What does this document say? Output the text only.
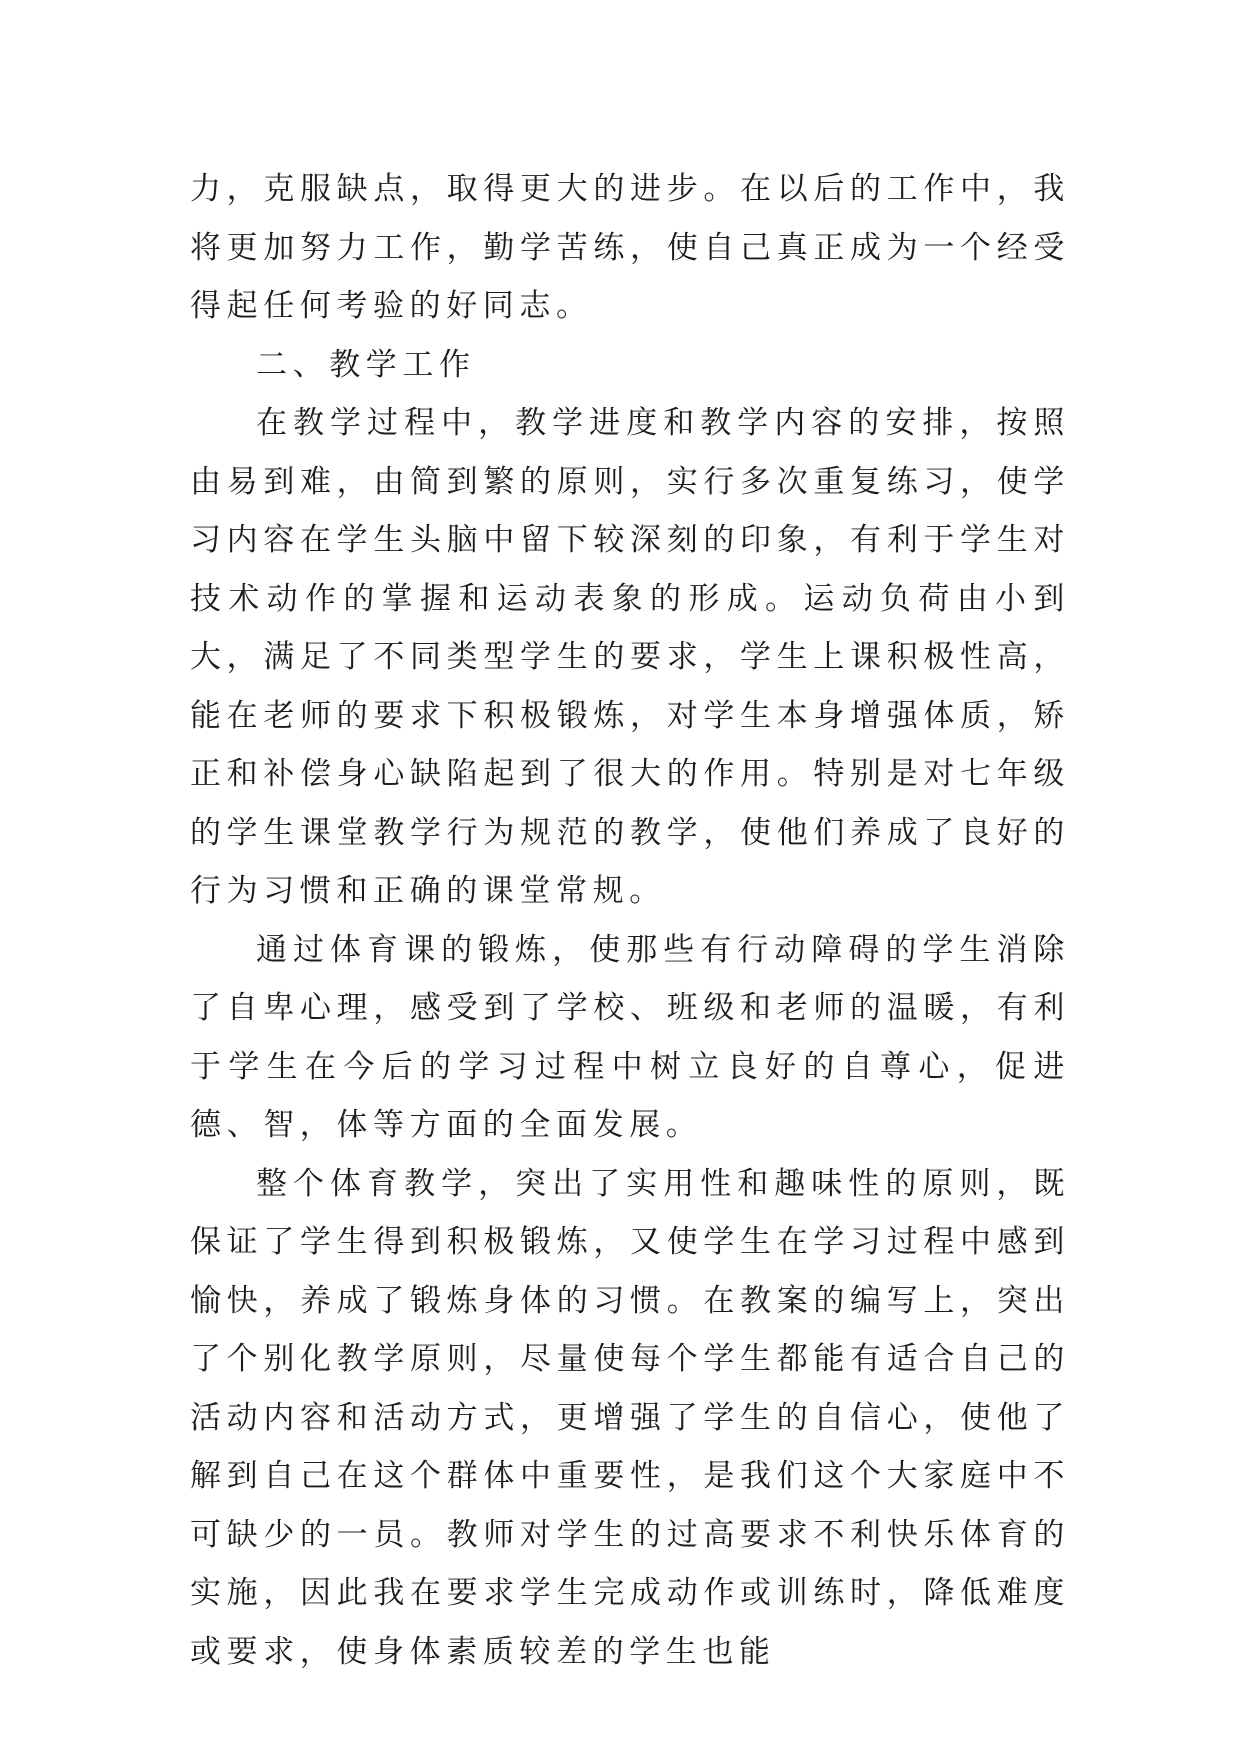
力，克服缺点，取得更大的进步。在以后的工作中，我将更加努力工作，勤学苦练，使自己真正成为一个经受得起任何考验的好同志。

二、教学工作

在教学过程中，教学进度和教学内容的安排，按照由易到难，由简到繁的原则，实行多次重复练习，使学习内容在学生头脑中留下较深刻的印象，有利于学生对技术动作的掌握和运动表象的形成。运动负荷由小到大，满足了不同类型学生的要求，学生上课积极性高，能在老师的要求下积极锻炼，对学生本身增强体质，矫正和补偿身心缺陷起到了很大的作用。特别是对七年级的学生课堂教学行为规范的教学，使他们养成了良好的行为习惯和正确的课堂常规。

通过体育课的锻炼，使那些有行动障碍的学生消除了自卑心理，感受到了学校、班级和老师的温暖，有利于学生在今后的学习过程中树立良好的自尊心，促进德、智，体等方面的全面发展。

整个体育教学，突出了实用性和趣味性的原则，既保证了学生得到积极锻炼，又使学生在学习过程中感到愉快，养成了锻炼身体的习惯。在教案的编写上，突出了个别化教学原则，尽量使每个学生都能有适合自己的活动内容和活动方式，更增强了学生的自信心，使他了解到自己在这个群体中重要性，是我们这个大家庭中不可缺少的一员。教师对学生的过高要求不利快乐体育的实施，因此我在要求学生完成动作或训练时，降低难度或要求，使身体素质较差的学生也能
